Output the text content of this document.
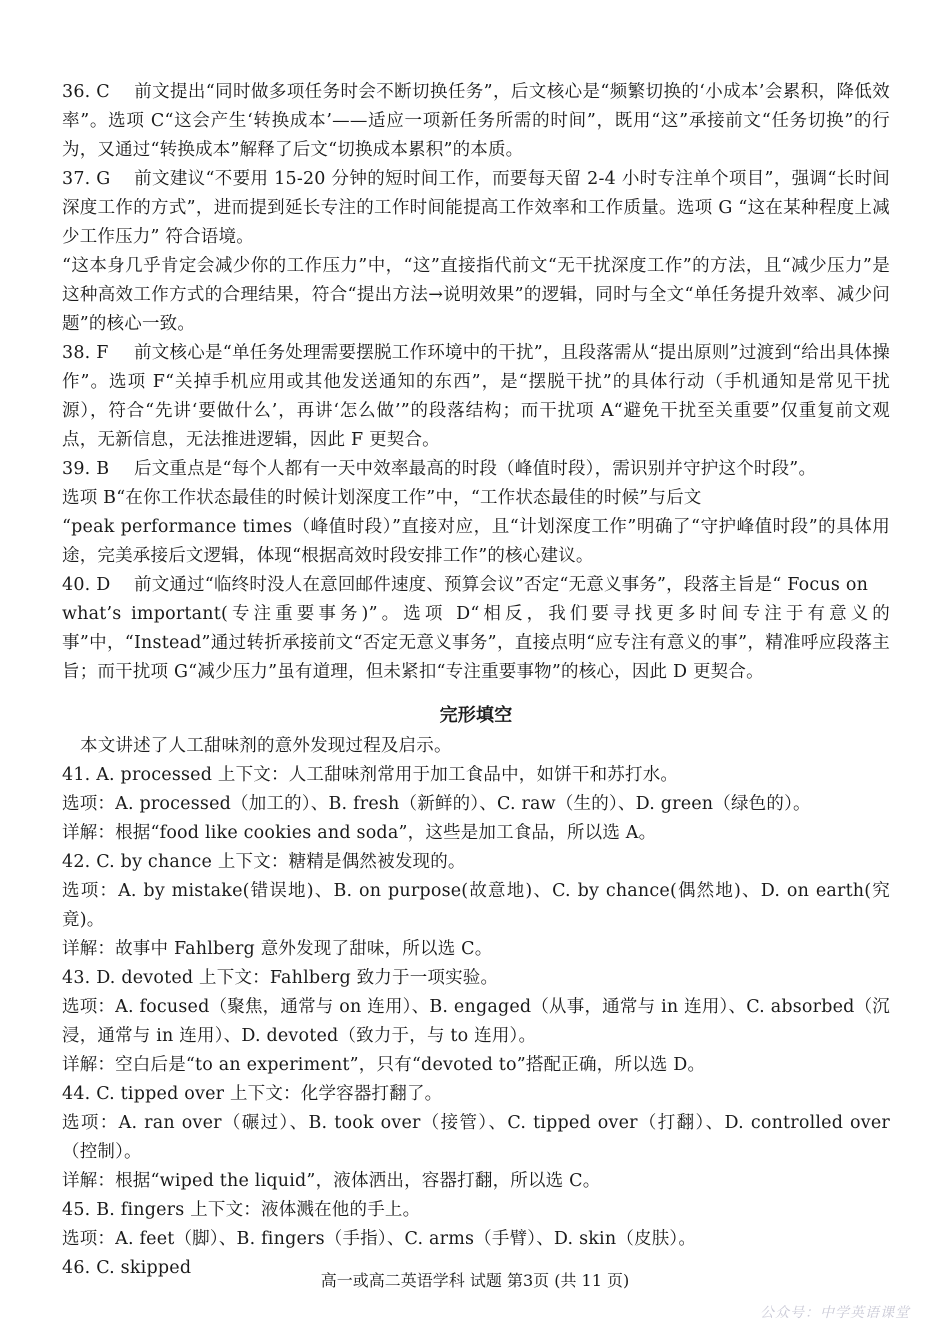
36. C 前文提出“同时做多项任务时会不断切换任务”，后文核心是“频繁切换的‘小成本’会累积，降低效率”。选项 C“这会产生‘转换成本’——适应一项新任务所需的时间”，既用“这”承接前文“任务切换”的行为，又通过“转换成本”解释了后文“切换成本累积”的本质。

37. G 前文建议“不要用 15-20 分钟的短时间工作，而要每天留 2-4 小时专注单个项目”，强调“长时间深度工作的方式”，进而提到延长专注的工作时间能提高工作效率和工作质量。选项 G “这在某种程度上减少工作压力” 符合语境。

“这本身几乎肯定会减少你的工作压力”中，“这”直接指代前文“无干扰深度工作”的方法，且“减少压力”是这种高效工作方式的合理结果，符合“提出方法→说明效果”的逻辑，同时与全文“单任务提升效率、减少问题”的核心一致。

38. F 前文核心是“单任务处理需要摆脱工作环境中的干扰”，且段落需从“提出原则”过渡到“给出具体操作”。选项 F“关掉手机应用或其他发送通知的东西”，是“摆脱干扰”的具体行动（手机通知是常见干扰源），符合“先讲‘要做什么’，再讲‘怎么做’”的段落结构；而干扰项 A“避免干扰至关重要”仅重复前文观点，无新信息，无法推进逻辑，因此 F 更契合。

39. B 后文重点是“每个人都有一天中效率最高的时段（峰值时段），需识别并守护这个时段”。

选项 B“在你工作状态最佳的时候计划深度工作”中，“工作状态最佳的时候”与后文

“peak performance times（峰值时段）”直接对应，且“计划深度工作”明确了“守护峰值时段”的具体用途，完美承接后文逻辑，体现“根据高效时段安排工作”的核心建议。

40. D 前文通过“临终时没人在意回邮件速度、预算会议”否定“无意义事务”，段落主旨是“ Focus on

what’s important(专注重要事务)”。选项 D“相反，我们要寻找更多时间专注于有意义的事”中，“Instead”通过转折承接前文“否定无意义事务”，直接点明“应专注有意义的事”，精准呼应段落主旨；而干扰项 G“减少压力”虽有道理，但未紧扣“专注重要事物”的核心，因此 D 更契合。

完形填空

本文讲述了人工甜味剂的意外发现过程及启示。

41. A. processed 上下文：人工甜味剂常用于加工食品中，如饼干和苏打水。

选项：A. processed（加工的）、B. fresh（新鲜的）、C. raw（生的）、D. green（绿色的）。

详解：根据“food like cookies and soda”，这些是加工食品，所以选 A。

42. C. by chance 上下文：糖精是偶然被发现的。

选项：A. by mistake(错误地)、B. on purpose(故意地)、C. by chance(偶然地)、D. on earth(究竟)。

详解：故事中 Fahlberg 意外发现了甜味，所以选 C。

43. D. devoted 上下文：Fahlberg 致力于一项实验。

选项：A. focused（聚焦，通常与 on 连用）、B. engaged（从事，通常与 in 连用）、C. absorbed（沉浸，通常与 in 连用）、D. devoted（致力于，与 to 连用）。

详解：空白后是“to an experiment”，只有“devoted to”搭配正确，所以选 D。

44. C. tipped over 上下文：化学容器打翻了。

选项：A. ran over（碾过）、B. took over（接管）、C. tipped over（打翻）、D. controlled over（控制）。

详解：根据“wiped the liquid”，液体洒出，容器打翻，所以选 C。

45. B. fingers 上下文：液体溅在他的手上。

选项：A. feet（脚）、B. fingers（手指）、C. arms（手臂）、D. skin（皮肤）。

46. C. skipped

高一或高二英语学科 试题 第3页 (共 11 页)
公众号：中学英语课堂
